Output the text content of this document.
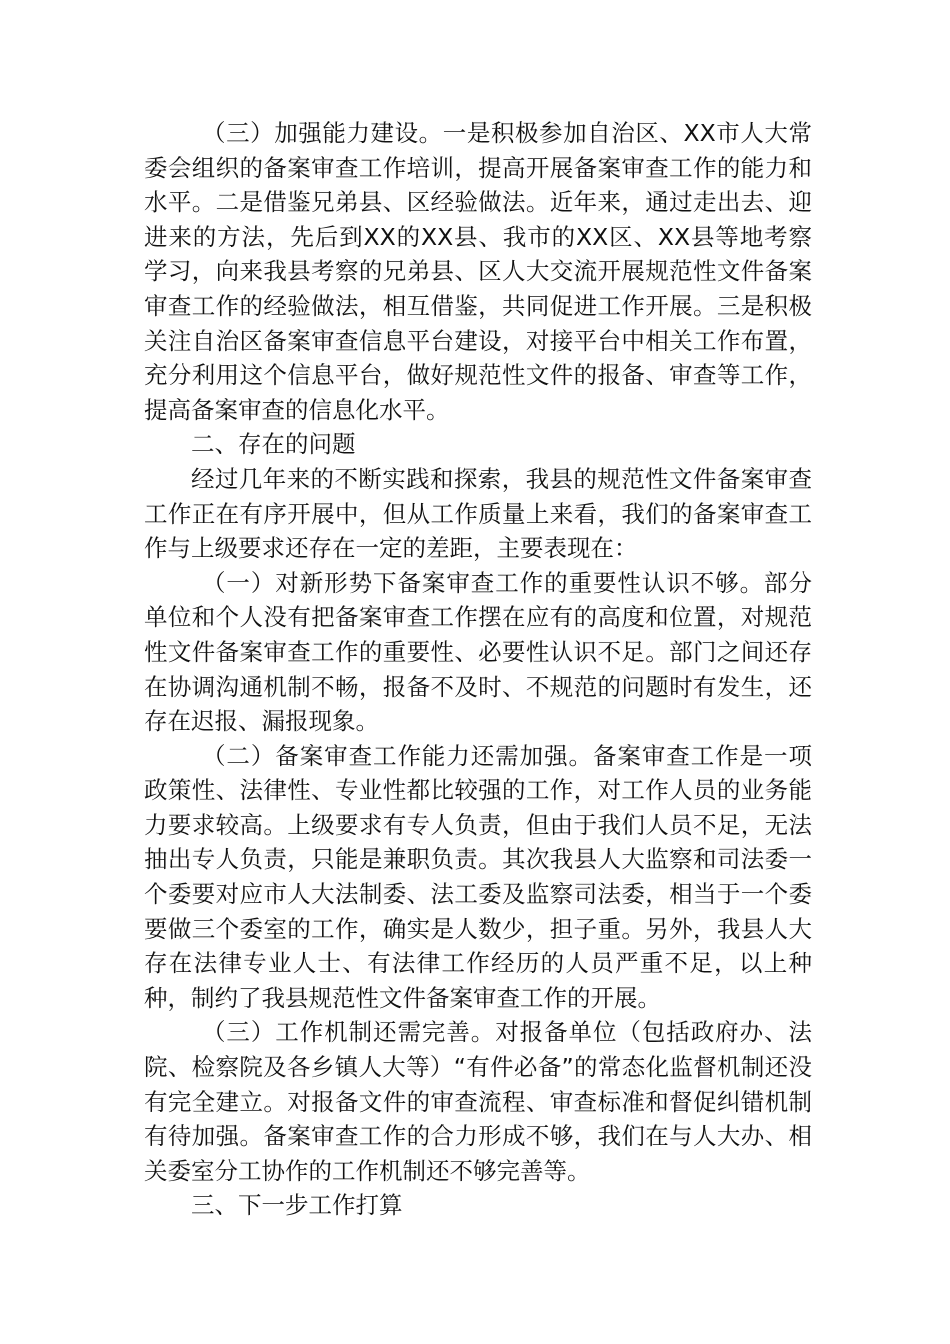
（三）加强能力建设。一是积极参加自治区、XX市人大常委会组织的备案审查工作培训，提高开展备案审查工作的能力和水平。二是借鉴兄弟县、区经验做法。近年来，通过走出去、迎进来的方法，先后到XX的XX县、我市的XX区、XX县等地考察学习，向来我县考察的兄弟县、区人大交流开展规范性文件备案审查工作的经验做法，相互借鉴，共同促进工作开展。三是积极关注自治区备案审查信息平台建设，对接平台中相关工作布置，充分利用这个信息平台，做好规范性文件的报备、审查等工作，提高备案审查的信息化水平。

二、存在的问题

经过几年来的不断实践和探索，我县的规范性文件备案审查工作正在有序开展中，但从工作质量上来看，我们的备案审查工作与上级要求还存在一定的差距，主要表现在：

（一）对新形势下备案审查工作的重要性认识不够。部分单位和个人没有把备案审查工作摆在应有的高度和位置，对规范性文件备案审查工作的重要性、必要性认识不足。部门之间还存在协调沟通机制不畅，报备不及时、不规范的问题时有发生，还存在迟报、漏报现象。

（二）备案审查工作能力还需加强。备案审查工作是一项政策性、法律性、专业性都比较强的工作，对工作人员的业务能力要求较高。上级要求有专人负责，但由于我们人员不足，无法抽出专人负责，只能是兼职负责。其次我县人大监察和司法委一个委要对应市人大法制委、法工委及监察司法委，相当于一个委要做三个委室的工作，确实是人数少，担子重。另外，我县人大存在法律专业人士、有法律工作经历的人员严重不足，以上种种，制约了我县规范性文件备案审查工作的开展。

（三）工作机制还需完善。对报备单位（包括政府办、法院、检察院及各乡镇人大等）“有件必备”的常态化监督机制还没有完全建立。对报备文件的审查流程、审查标准和督促纠错机制有待加强。备案审查工作的合力形成不够，我们在与人大办、相关委室分工协作的工作机制还不够完善等。

三、下一步工作打算
